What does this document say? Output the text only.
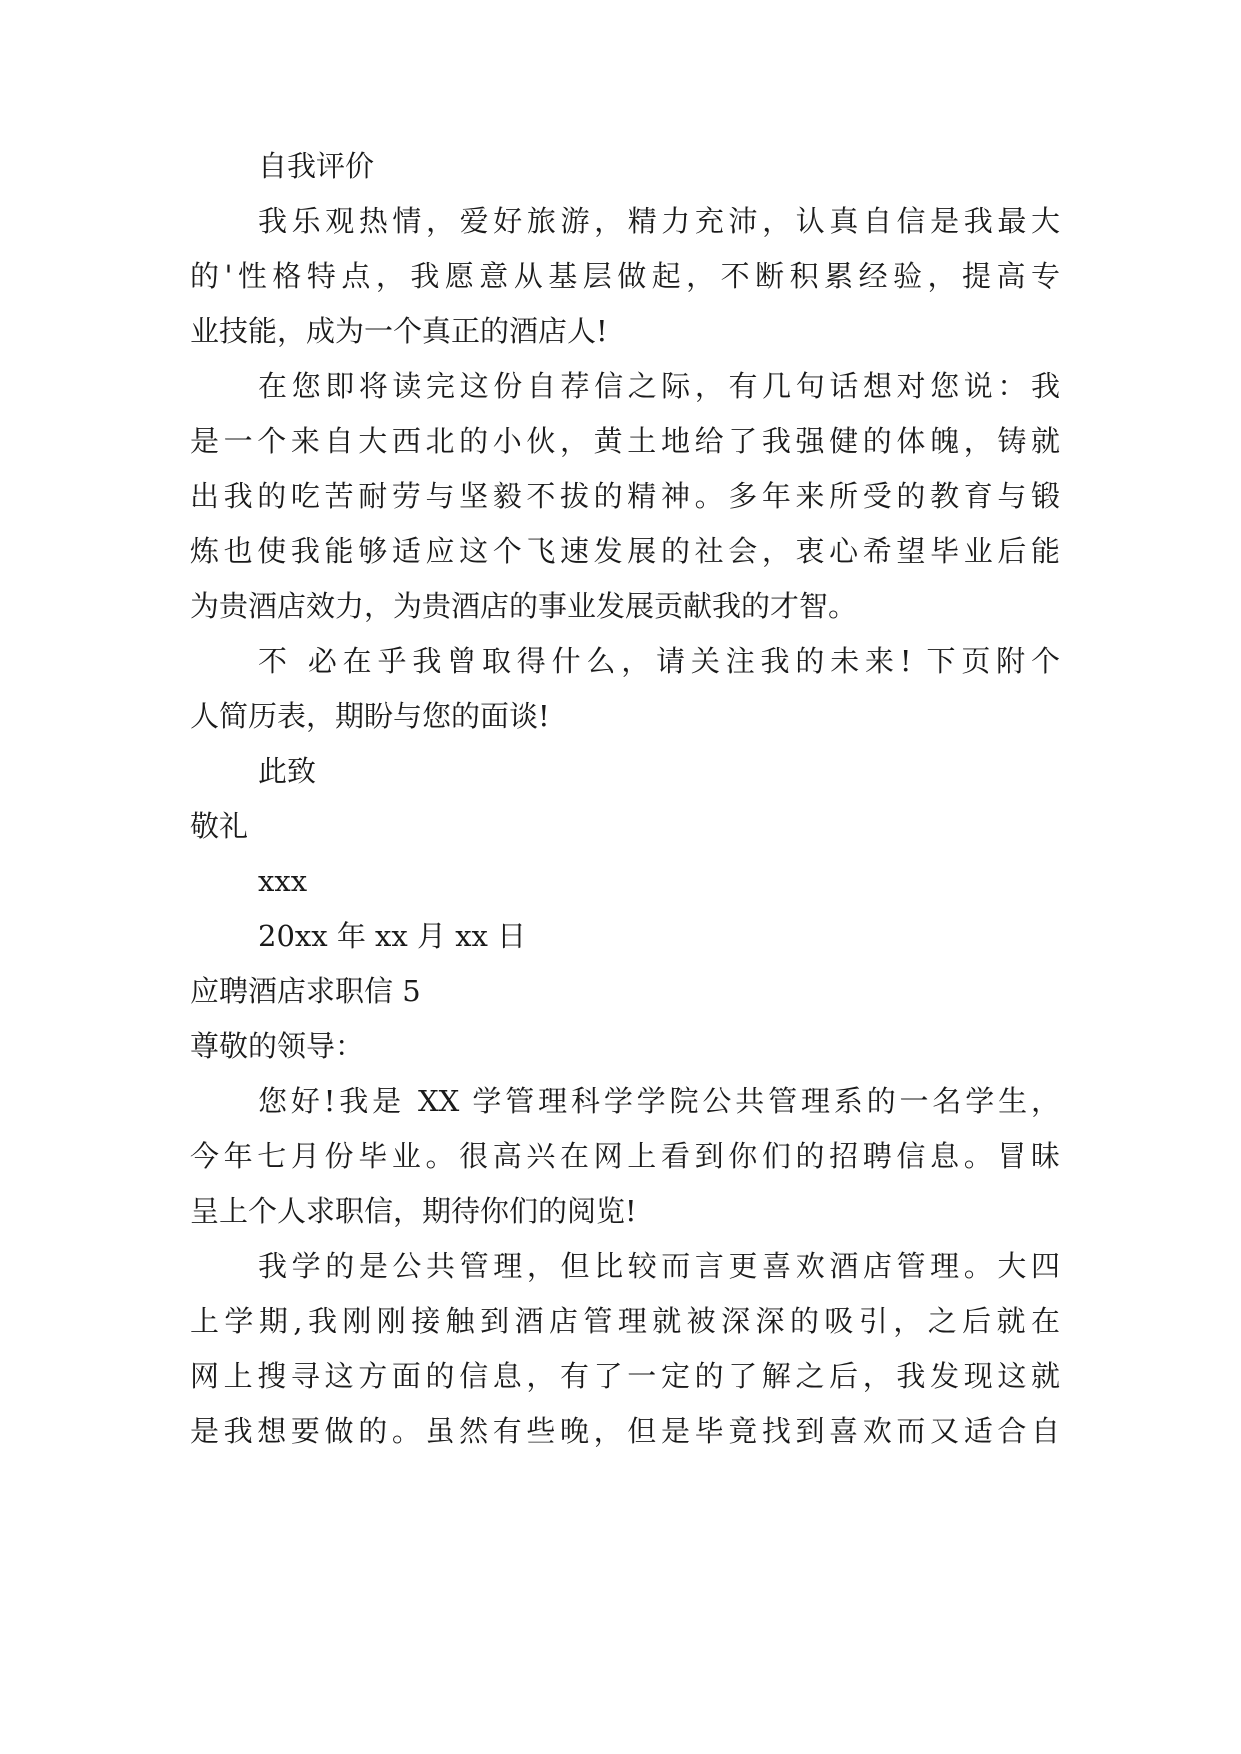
自我评价
我乐观热情，爱好旅游，精力充沛，认真自信是我最大
的'性格特点，我愿意从基层做起，不断积累经验，提高专
业技能，成为一个真正的酒店人!
在您即将读完这份自荐信之际，有几句话想对您说：我
是一个来自大西北的小伙，黄土地给了我强健的体魄，铸就
出我的吃苦耐劳与坚毅不拔的精神。多年来所受的教育与锻
炼也使我能够适应这个飞速发展的社会，衷心希望毕业后能
为贵酒店效力，为贵酒店的事业发展贡献我的才智。
不 必在乎我曾取得什么，请关注我的未来! 下页附个
人简历表，期盼与您的面谈!
此致
敬礼
xxx
20xx 年 xx 月 xx 日
应聘酒店求职信 5
尊敬的领导：
您好!我是 XX 学管理科学学院公共管理系的一名学生，
今年七月份毕业。很高兴在网上看到你们的招聘信息。冒昧
呈上个人求职信，期待你们的阅览!
我学的是公共管理，但比较而言更喜欢酒店管理。大四
上学期,我刚刚接触到酒店管理就被深深的吸引，之后就在
网上搜寻这方面的信息，有了一定的了解之后，我发现这就
是我想要做的。虽然有些晚，但是毕竟找到喜欢而又适合自
